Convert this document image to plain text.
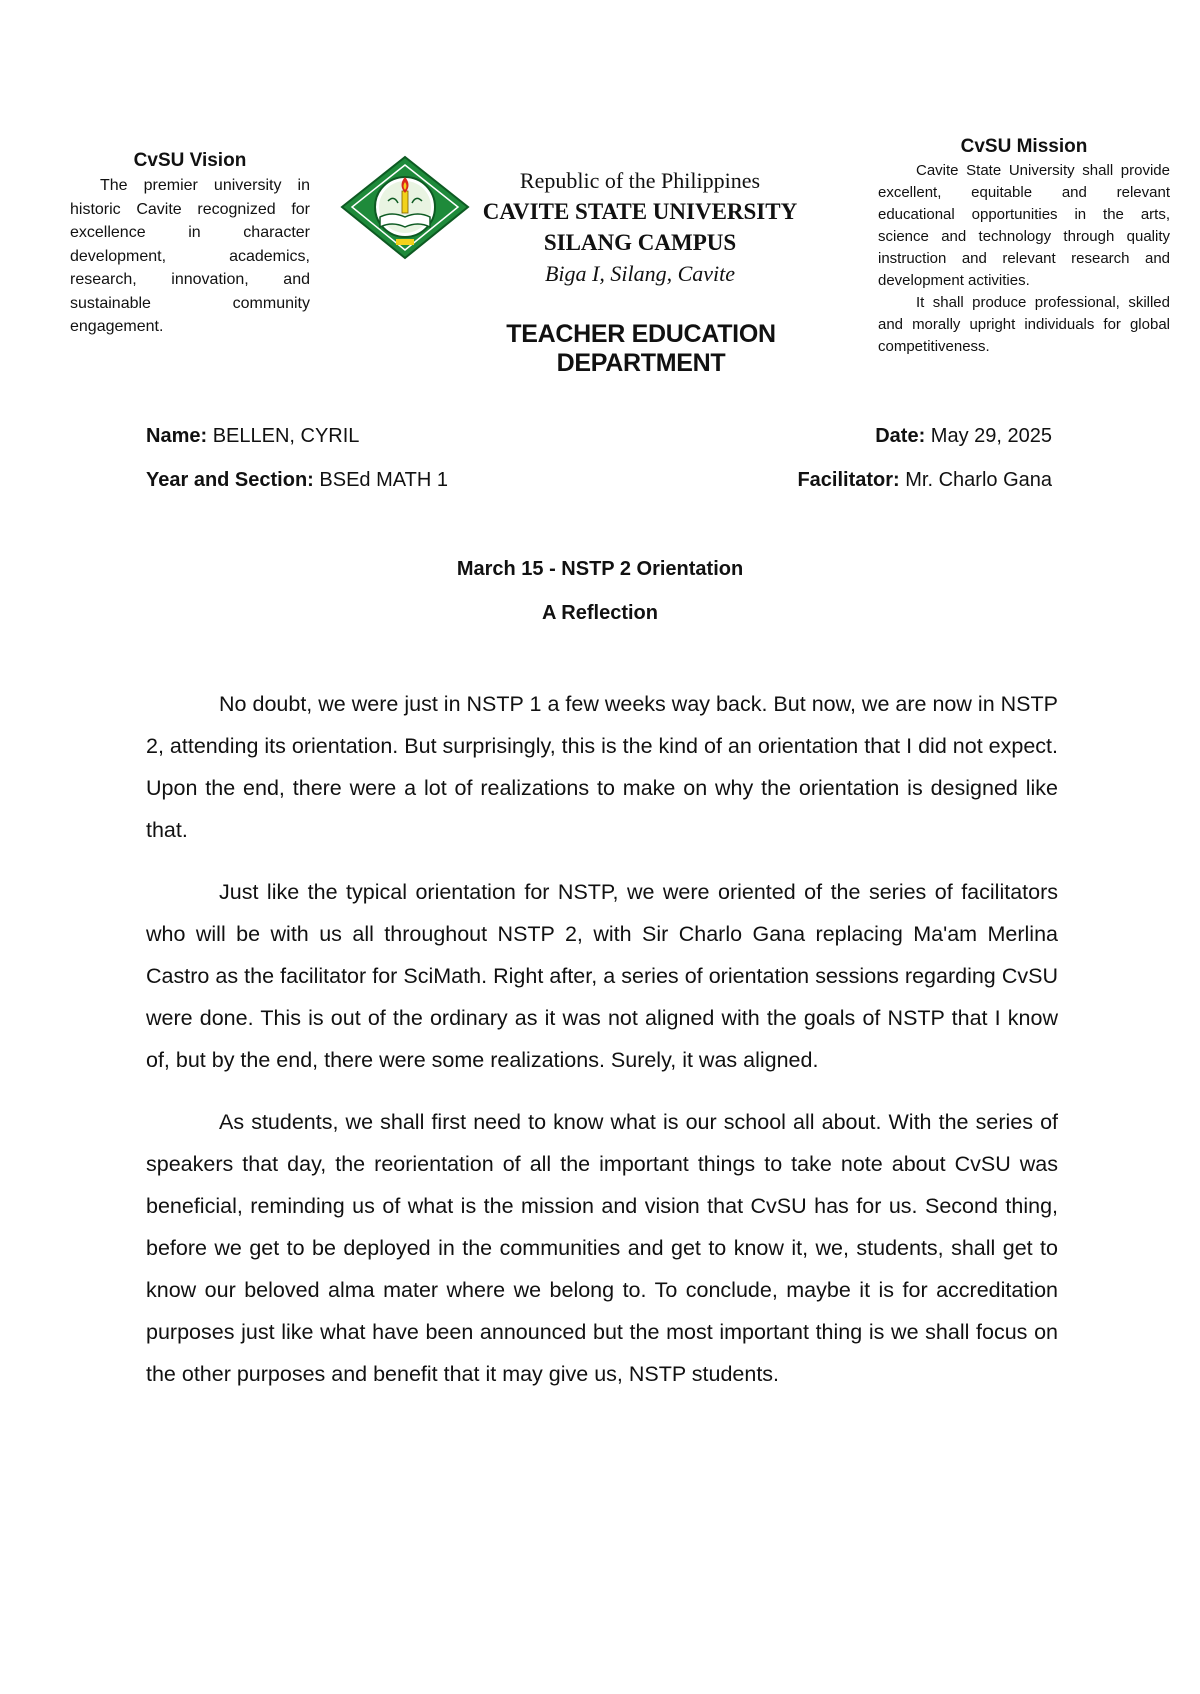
CvSU Vision

The premier university in historic Cavite recognized for excellence in character development, academics, research, innovation, and sustainable community engagement.

Republic of the Philippines
CAVITE STATE UNIVERSITY
SILANG CAMPUS
Biga I, Silang, Cavite
TEACHER EDUCATION DEPARTMENT
CvSU Mission

Cavite State University shall provide excellent, equitable and relevant educational opportunities in the arts, science and technology through quality instruction and relevant research and development activities.

It shall produce professional, skilled and morally upright individuals for global competitiveness.

Name: BELLEN, CYRIL	Date: May 29, 2025
Year and Section: BSEd MATH 1	Facilitator: Mr. Charlo Gana
March 15 - NSTP 2 Orientation
A Reflection

No doubt, we were just in NSTP 1 a few weeks way back. But now, we are now in NSTP 2, attending its orientation. But surprisingly, this is the kind of an orientation that I did not expect. Upon the end, there were a lot of realizations to make on why the orientation is designed like that.

Just like the typical orientation for NSTP, we were oriented of the series of facilitators who will be with us all throughout NSTP 2, with Sir Charlo Gana replacing Ma'am Merlina Castro as the facilitator for SciMath. Right after, a series of orientation sessions regarding CvSU were done. This is out of the ordinary as it was not aligned with the goals of NSTP that I know of, but by the end, there were some realizations. Surely, it was aligned.

As students, we shall first need to know what is our school all about. With the series of speakers that day, the reorientation of all the important things to take note about CvSU was beneficial, reminding us of what is the mission and vision that CvSU has for us. Second thing, before we get to be deployed in the communities and get to know it, we, students, shall get to know our beloved alma mater where we belong to. To conclude, maybe it is for accreditation purposes just like what have been announced but the most important thing is we shall focus on the other purposes and benefit that it may give us, NSTP students.
